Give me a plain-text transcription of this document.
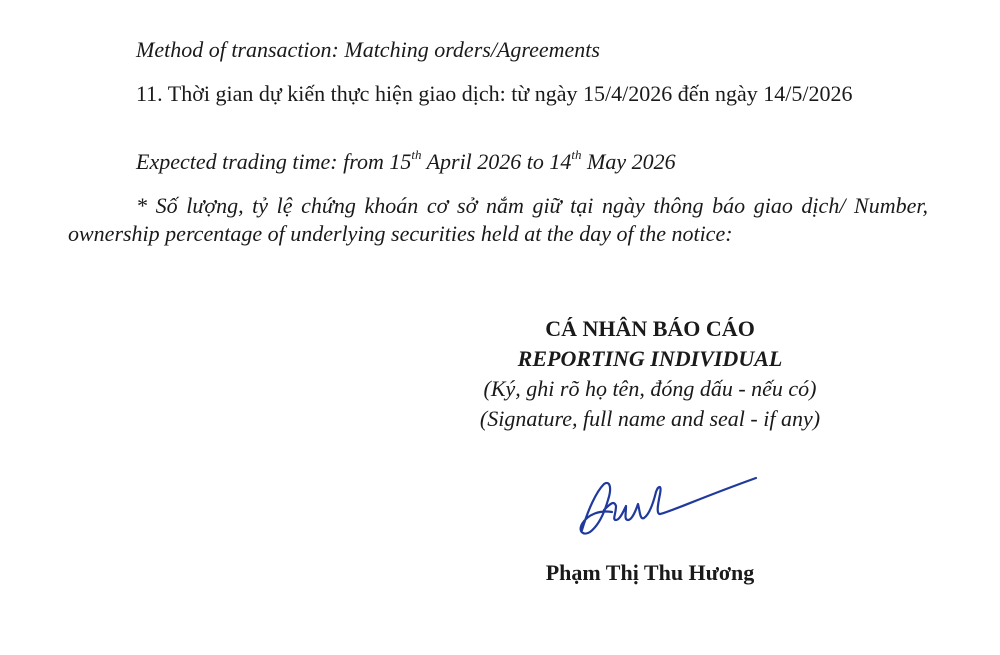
Method of transaction: Matching orders/Agreements
11. Thời gian dự kiến thực hiện giao dịch: từ ngày 15/4/2026 đến ngày 14/5/2026
Expected trading time: from 15th April 2026 to 14th May 2026
* Số lượng, tỷ lệ chứng khoán cơ sở nắm giữ tại ngày thông báo giao dịch/ Number, ownership percentage of underlying securities held at the day of the notice:
CÁ NHÂN BÁO CÁO
REPORTING INDIVIDUAL
(Ký, ghi rõ họ tên, đóng dấu - nếu có)
(Signature, full name and seal - if any)
Phạm Thị Thu Hương
